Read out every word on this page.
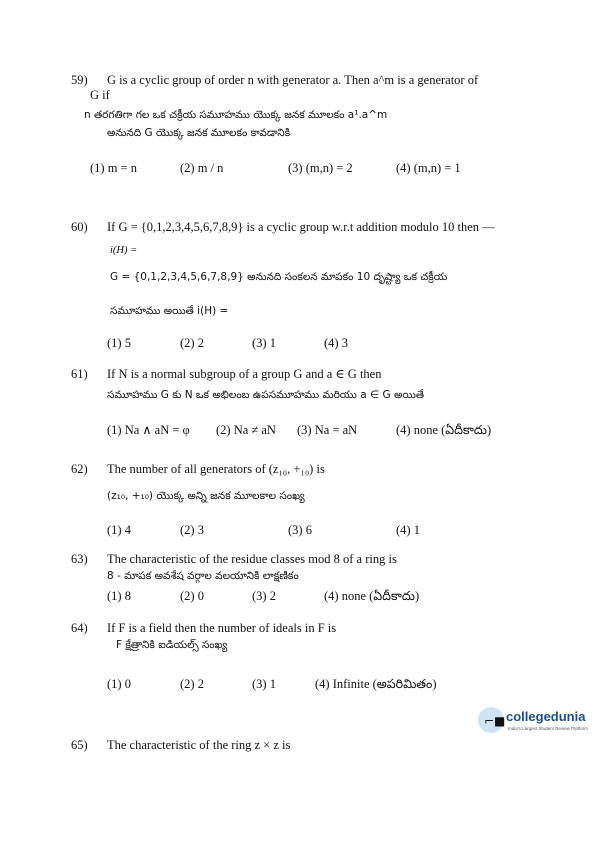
59) G is a cyclic group of order n with generator a. Then a^m is a generator of
G if
n తరగతిగా గల ఒక చక్రీయ సమూహము యొక్క జనక మూలకం a¹.a^m
అనునది G యొక్క జనక మూలకం కావడానికి
(1) m = n	(2) m / n	(3) (m,n) = 2	(4) (m,n) = 1
60) If G = {0,1,2,3,4,5,6,7,8,9} is a cyclic group w.r.t addition modulo 10 then —
i(H) =
G = {0,1,2,3,4,5,6,7,8,9} అనునది సంకలన మాపకం 10 దృష్ట్యా ఒక చక్రీయ
సమూహము అయితే i(H) =
(1) 5	(2) 2	(3) 1	(4) 3
61) If N is a normal subgroup of a group G and a ∈ G then
సమూహము G కు N ఒక అభిలంబ ఉపసమూహము మరియు a ∈ G అయితే
(1) Na ∧ aN = φ (2) Na ≠ aN (3) Na = aN	(4) none (ఏదీకాదు)
62) The number of all generators of (z₁₀, +₁₀) is
(z₁₀, +₁₀) యొక్క అన్ని జనక మూలకాల సంఖ్య
(1) 4	(2) 3	(3) 6	(4) 1
63) The characteristic of the residue classes mod 8 of a ring is
8 - మాపక అవశేష వర్గాల వలయానికి లాక్షణికం
(1) 8	(2) 0	(3) 2	(4) none (ఏదీకాదు)
64) If F is a field then the number of ideals in F is
F క్షేత్రానికి ఐడియల్స్ సంఖ్య
(1) 0	(2) 2	(3) 1	(4) Infinite (అపరిమితం)
⌐■ collegedunia
India's Largest Student Review Platform
65) The characteristic of the ring z × z is
